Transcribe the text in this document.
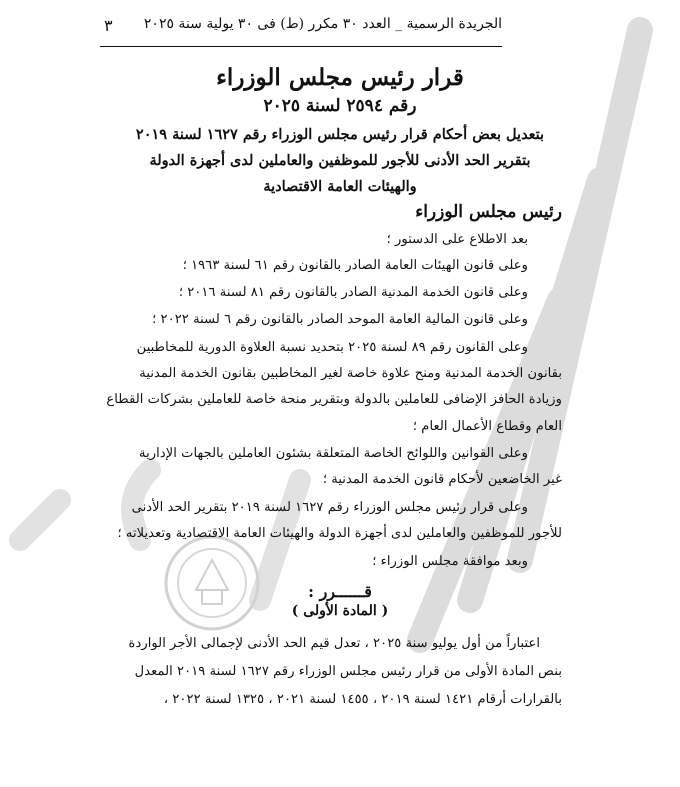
٣	الجريدة الرسمية _ العدد ٣٠ مكرر (ط) فى ٣٠ يولية سنة ٢٠٢٥
قرار رئيس مجلس الوزراء
رقم ٢٥٩٤ لسنة ٢٠٢٥
بتعديل بعض أحكام قرار رئيس مجلس الوزراء رقم ١٦٢٧ لسنة ٢٠١٩
بتقرير الحد الأدنى للأجور للموظفين والعاملين لدى أجهزة الدولة
والهيئات العامة الاقتصادية
رئيس مجلس الوزراء
بعد الاطلاع على الدستور ؛
وعلى قانون الهيئات العامة الصادر بالقانون رقم ٦١ لسنة ١٩٦٣ ؛
وعلى قانون الخدمة المدنية الصادر بالقانون رقم ٨١ لسنة ٢٠١٦ ؛
وعلى قانون المالية العامة الموحد الصادر بالقانون رقم ٦ لسنة ٢٠٢٢ ؛
وعلى القانون رقم ٨٩ لسنة ٢٠٢٥ بتحديد نسبة العلاوة الدورية للمخاطبين
بقانون الخدمة المدنية ومنح علاوة خاصة لغير المخاطبين بقانون الخدمة المدنية
وزيادة الحافز الإضافى للعاملين بالدولة وبتقرير منحة خاصة للعاملين بشركات القطاع
العام وقطاع الأعمال العام ؛
وعلى القوانين واللوائح الخاصة المتعلقة بشئون العاملين بالجهات الإدارية
غير الخاضعين لأحكام قانون الخدمة المدنية ؛
وعلى قرار رئيس مجلس الوزراء رقم ١٦٢٧ لسنة ٢٠١٩ بتقرير الحد الأدنى
للأجور للموظفين والعاملين لدى أجهزة الدولة والهيئات العامة الاقتصادية وتعديلاته ؛
وبعد موافقة مجلس الوزراء ؛
قــــــرر :
( المادة الأولى )
اعتباراً من أول يوليو سنة ٢٠٢٥ ، تعدل قيم الحد الأدنى لإجمالى الأجر الواردة
بنص المادة الأولى من قرار رئيس مجلس الوزراء رقم ١٦٢٧ لسنة ٢٠١٩ المعدل
بالقرارات أرقام ١٤٢١ لسنة ٢٠١٩ ، ١٤٥٥ لسنة ٢٠٢١ ، ١٣٢٥ لسنة ٢٠٢٢ ،
